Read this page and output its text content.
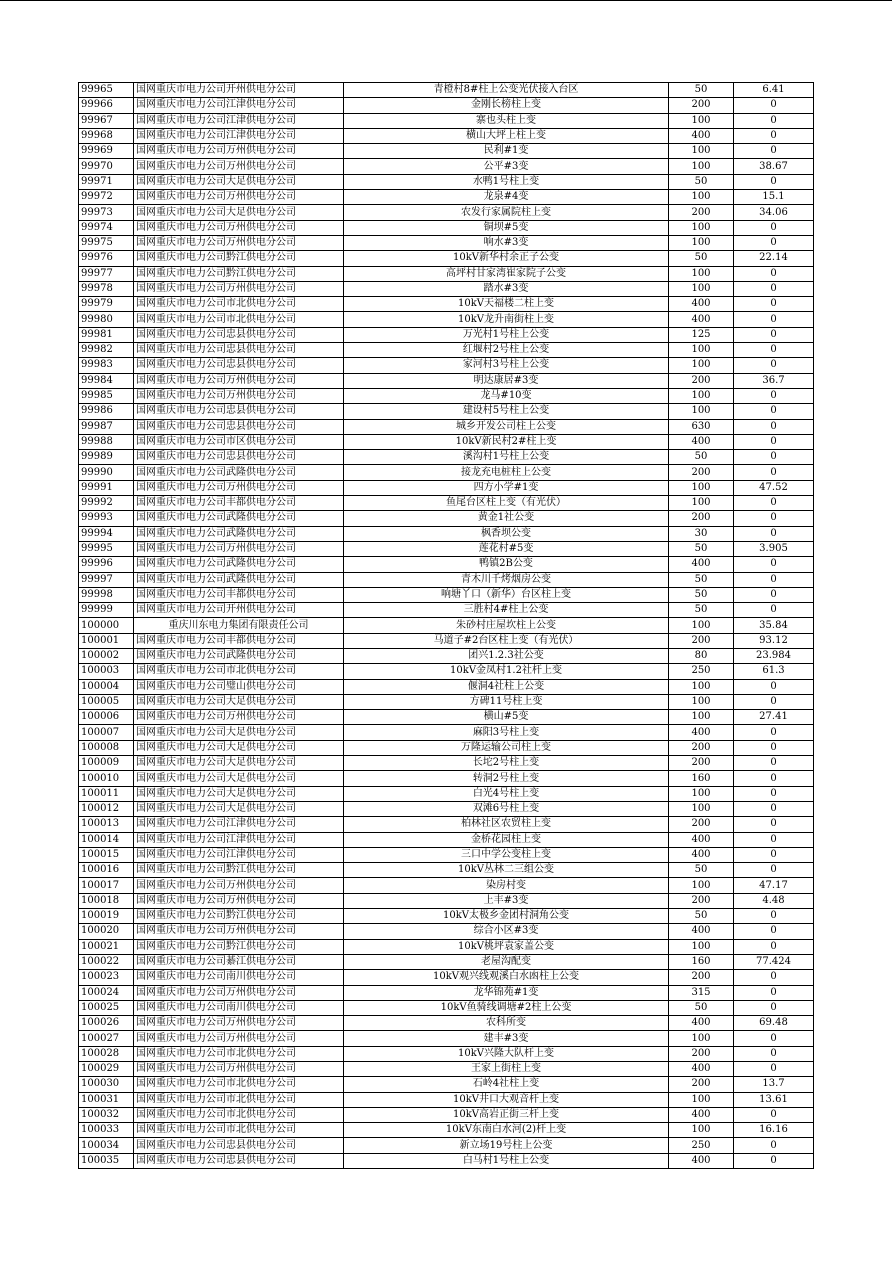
99965	国网重庆市电力公司开州供电分公司	青橙村8#柱上公变光伏接入台区	50	6.41
99966	国网重庆市电力公司江津供电分公司	金刚长榜柱上变	200	0
99967	国网重庆市电力公司江津供电分公司	寨也头柱上变	100	0
99968	国网重庆市电力公司江津供电分公司	横山大坪上柱上变	400	0
99969	国网重庆市电力公司万州供电分公司	民利#1变	100	0
99970	国网重庆市电力公司万州供电分公司	公平#3变	100	38.67
99971	国网重庆市电力公司大足供电分公司	水鸭1号柱上变	50	0
99972	国网重庆市电力公司万州供电分公司	龙泉#4变	100	15.1
99973	国网重庆市电力公司大足供电分公司	农发行家属院柱上变	200	34.06
99974	国网重庆市电力公司万州供电分公司	铜坝#5变	100	0
99975	国网重庆市电力公司万州供电分公司	响水#3变	100	0
99976	国网重庆市电力公司黔江供电分公司	10kV新华村余正子公变	50	22.14
99977	国网重庆市电力公司黔江供电分公司	高坪村甘家湾崔家院子公变	100	0
99978	国网重庆市电力公司万州供电分公司	踏水#3变	100	0
99979	国网重庆市电力公司市北供电分公司	10kV天福楼二柱上变	400	0
99980	国网重庆市电力公司市北供电分公司	10kV龙升南街柱上变	400	0
99981	国网重庆市电力公司忠县供电分公司	万光村1号柱上公变	125	0
99982	国网重庆市电力公司忠县供电分公司	红堰村2号柱上公变	100	0
99983	国网重庆市电力公司忠县供电分公司	家河村3号柱上公变	100	0
99984	国网重庆市电力公司万州供电分公司	明达康居#3变	200	36.7
99985	国网重庆市电力公司万州供电分公司	龙马#10变	100	0
99986	国网重庆市电力公司忠县供电分公司	建设村5号柱上公变	100	0
99987	国网重庆市电力公司忠县供电分公司	城乡开发公司柱上公变	630	0
99988	国网重庆市电力公司市区供电分公司	10kV新民村2#柱上变	400	0
99989	国网重庆市电力公司忠县供电分公司	溪沟村1号柱上公变	50	0
99990	国网重庆市电力公司武隆供电分公司	接龙充电桩柱上公变	200	0
99991	国网重庆市电力公司万州供电分公司	四方小学#1变	100	47.52
99992	国网重庆市电力公司丰都供电分公司	鱼尾台区柱上变（有光伏）	100	0
99993	国网重庆市电力公司武隆供电分公司	黄金1社公变	200	0
99994	国网重庆市电力公司武隆供电分公司	枫香坝公变	30	0
99995	国网重庆市电力公司万州供电分公司	莲花村#5变	50	3.905
99996	国网重庆市电力公司武隆供电分公司	鸭镇2B公变	400	0
99997	国网重庆市电力公司武隆供电分公司	青木川千烤烟房公变	50	0
99998	国网重庆市电力公司丰都供电分公司	响塘丫口（新华）台区柱上变	50	0
99999	国网重庆市电力公司开州供电分公司	三胜村4#柱上公变	50	0
100000	重庆川东电力集团有限责任公司	朱砂村庄屋坎柱上公变	100	35.84
100001	国网重庆市电力公司丰都供电分公司	马道子#2台区柱上变（有光伏）	200	93.12
100002	国网重庆市电力公司武隆供电分公司	团兴1.2.3社公变	80	23.984
100003	国网重庆市电力公司市北供电分公司	10kV金凤村1.2社杆上变	250	61.3
100004	国网重庆市电力公司璧山供电分公司	偃洞4社柱上公变	100	0
100005	国网重庆市电力公司大足供电分公司	方碑11号柱上变	100	0
100006	国网重庆市电力公司万州供电分公司	横山#5变	100	27.41
100007	国网重庆市电力公司大足供电分公司	麻阳3号柱上变	400	0
100008	国网重庆市电力公司大足供电分公司	万隆运输公司柱上变	200	0
100009	国网重庆市电力公司大足供电分公司	长坨2号柱上变	200	0
100010	国网重庆市电力公司大足供电分公司	转洞2号柱上变	160	0
100011	国网重庆市电力公司大足供电分公司	白光4号柱上变	100	0
100012	国网重庆市电力公司大足供电分公司	双滩6号柱上变	100	0
100013	国网重庆市电力公司江津供电分公司	柏林社区农贸柱上变	200	0
100014	国网重庆市电力公司江津供电分公司	金桥花园柱上变	400	0
100015	国网重庆市电力公司江津供电分公司	三口中学公变柱上变	400	0
100016	国网重庆市电力公司黔江供电分公司	10kV丛林二三组公变	50	0
100017	国网重庆市电力公司万州供电分公司	染房村变	100	47.17
100018	国网重庆市电力公司万州供电分公司	上丰#3变	200	4.48
100019	国网重庆市电力公司黔江供电分公司	10kV太极乡金团村洞角公变	50	0
100020	国网重庆市电力公司万州供电分公司	综合小区#3变	400	0
100021	国网重庆市电力公司黔江供电分公司	10kV桃坪袁家盖公变	100	0
100022	国网重庆市电力公司綦江供电分公司	老屋沟配变	160	77.424
100023	国网重庆市电力公司南川供电分公司	10kV观兴线观溪白水凼柱上公变	200	0
100024	国网重庆市电力公司万州供电分公司	龙华锦苑#1变	315	0
100025	国网重庆市电力公司南川供电分公司	10kV鱼骑线调塘#2柱上公变	50	0
100026	国网重庆市电力公司万州供电分公司	农科所变	400	69.48
100027	国网重庆市电力公司万州供电分公司	建丰#3变	100	0
100028	国网重庆市电力公司市北供电分公司	10kV兴隆大队杆上变	200	0
100029	国网重庆市电力公司万州供电分公司	王家上街柱上变	400	0
100030	国网重庆市电力公司市北供电分公司	石岭4社柱上变	200	13.7
100031	国网重庆市电力公司市北供电分公司	10kV井口大观音杆上变	100	13.61
100032	国网重庆市电力公司市北供电分公司	10kV高岩正街三杆上变	400	0
100033	国网重庆市电力公司市北供电分公司	10kV东南白水河(2)杆上变	100	16.16
100034	国网重庆市电力公司忠县供电分公司	新立场19号柱上公变	250	0
100035	国网重庆市电力公司忠县供电分公司	白马村1号柱上公变	400	0
